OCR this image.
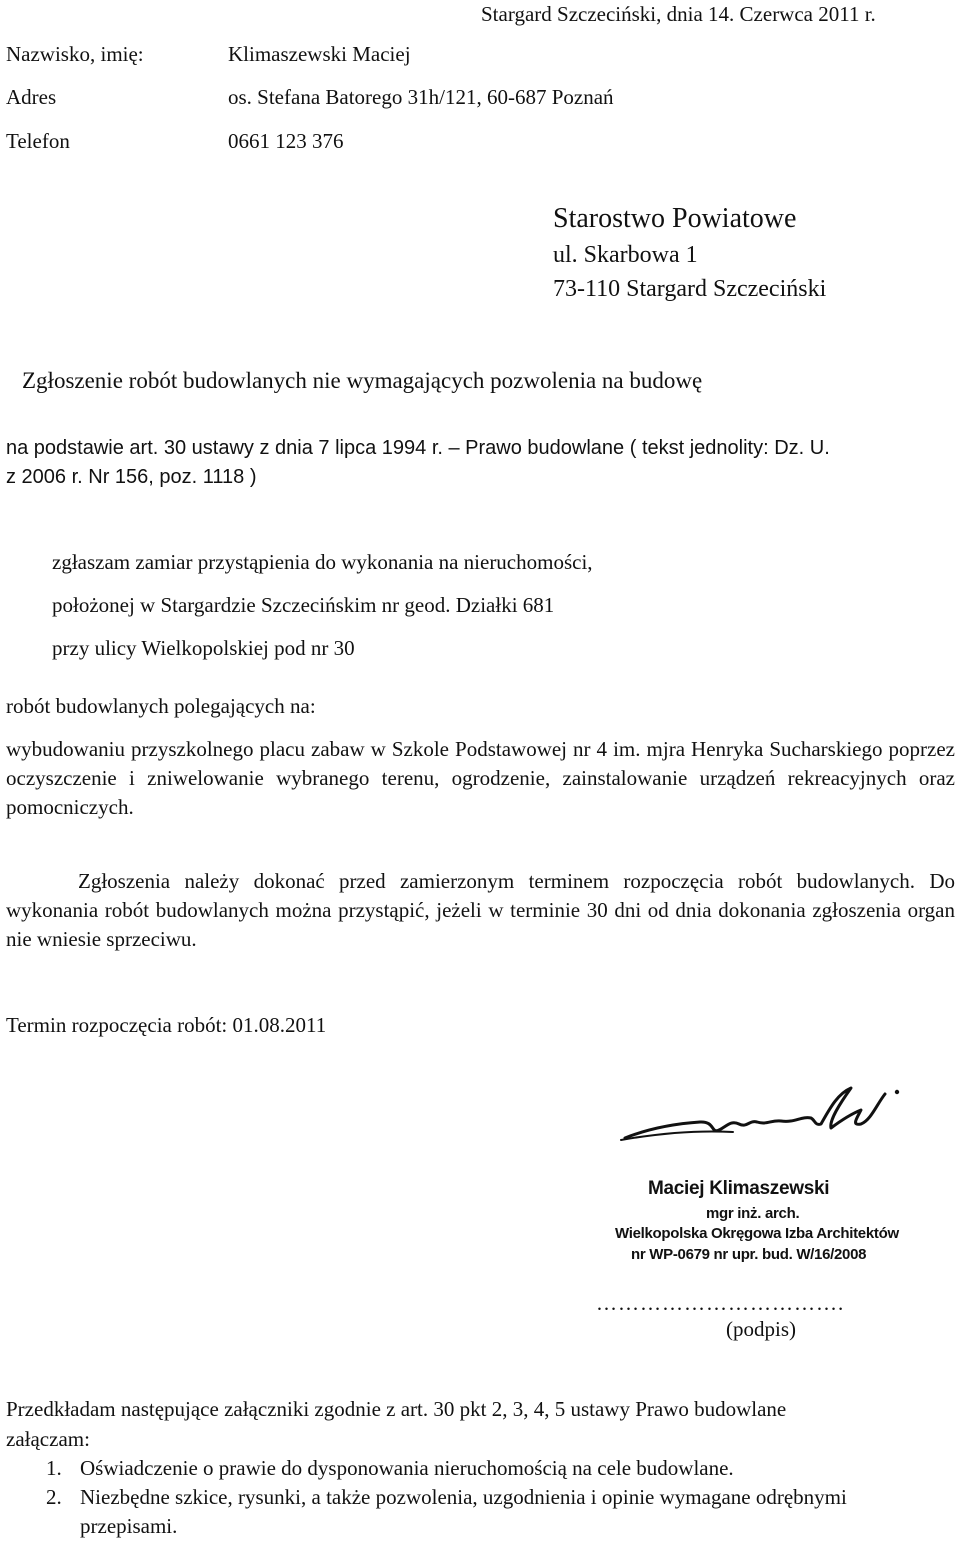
Stargard Szczeciński, dnia 14. Czerwca 2011 r.
Nazwisko, imię:	Klimaszewski Maciej
Adres	os. Stefana Batorego 31h/121, 60-687 Poznań
Telefon	0661 123 376
Starostwo Powiatowe
ul. Skarbowa 1
73-110 Stargard Szczeciński
Zgłoszenie robót budowlanych nie wymagających pozwolenia na budowę
na podstawie art. 30 ustawy z dnia 7 lipca 1994 r. – Prawo budowlane ( tekst jednolity: Dz. U.
z 2006 r. Nr 156, poz. 1118 )
zgłaszam zamiar przystąpienia do wykonania na nieruchomości,
położonej w Stargardzie Szczecińskim nr geod. Działki 681
przy ulicy Wielkopolskiej pod nr 30
robót budowlanych polegających na:
wybudowaniu przyszkolnego placu zabaw w Szkole Podstawowej nr 4 im. mjra Henryka Sucharskiego poprzez oczyszczenie i zniwelowanie wybranego terenu, ogrodzenie, zainstalowanie urządzeń rekreacyjnych oraz pomocniczych.
Zgłoszenia należy dokonać przed zamierzonym terminem rozpoczęcia robót budowlanych. Do wykonania robót budowlanych można przystąpić, jeżeli w terminie 30 dni od dnia dokonania zgłoszenia organ nie wniesie sprzeciwu.
Termin rozpoczęcia robót: 01.08.2011
Maciej Klimaszewski
mgr inż. arch.
Wielkopolska Okręgowa Izba Architektów
nr WP-0679 nr upr. bud. W/16/2008
…………………………….
(podpis)
Przedkładam następujące załączniki zgodnie z art. 30 pkt 2, 3, 4, 5 ustawy Prawo budowlane
załączam:
1. Oświadczenie o prawie do dysponowania nieruchomością na cele budowlane.
2. Niezbędne szkice, rysunki, a także pozwolenia, uzgodnienia i opinie wymagane odrębnymi przepisami.
